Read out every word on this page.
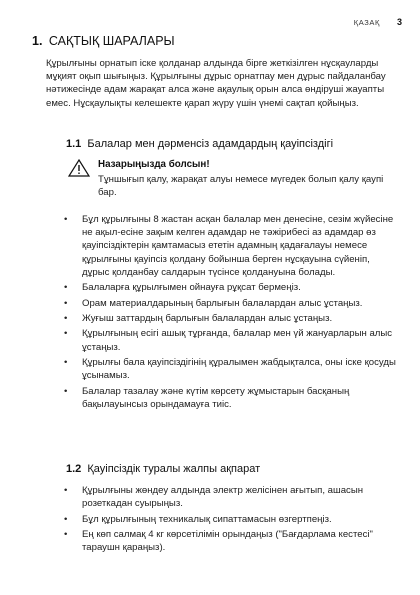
ҚАЗАҚ 3
1. САҚТЫҚ ШАРАЛАРЫ

Құрылғыны орнатып іске қолданар алдында бірге жеткізілген нұсқауларды мұқият оқып шығыңыз. Құрылғыны дұрыс орнатпау мен дұрыс пайдаланбау нәтижесінде адам жарақат алса және ақаулық орын алса өндіруші жауапты емес. Нұсқаулықты келешекте қарап жүру үшін үнемі сақтап қойыңыз.

1.1 Балалар мен дәрменсіз адамдардың қауіпсіздігі
Назарыңызда болсын!

Тұншығып қалу, жарақат алуы немесе мүгедек болып қалу қаупі бар.

• Бұл құрылғыны 8 жастан асқан балалар мен денесіне, сезім жүйесіне не ақыл-есіне зақым келген адамдар не тәжірибесі аз адамдар өз қауіпсіздіктерін қамтамасыз ететін адамның қадағалауы немесе құрылғыны қауіпсіз қолдану бойынша берген нұсқауына сүйеніп, дұрыс қолданбау салдарын түсінсе қолдануына болады.
• Балаларға құрылғымен ойнауға рұқсат бермеңіз.
• Орам материалдарының барлығын балалардан алыс ұстаңыз.
• Жуғыш заттардың барлығын балалардан алыс ұстаңыз.
• Құрылғының есігі ашық тұрғанда, балалар мен үй жануарларын алыс ұстаңыз.
• Құрылғы бала қауіпсіздігінің құралымен жабдықталса, оны іске қосуды ұсынамыз.
• Балалар тазалау және күтім көрсету жұмыстарын басқаның бақылауынсыз орындамауға тиіс.
1.2 Қауіпсіздік туралы жалпы ақпарат
• Құрылғыны жөндеу алдында электр желісінен ағытып, ашасын розеткадан суырыңыз.
• Бұл құрылғының техникалық сипаттамасын өзгертпеңіз.
• Ең көп салмақ 4 кг көрсетілімін орындаңыз ("Бағдарлама кестесі" тараушн қараңыз).
